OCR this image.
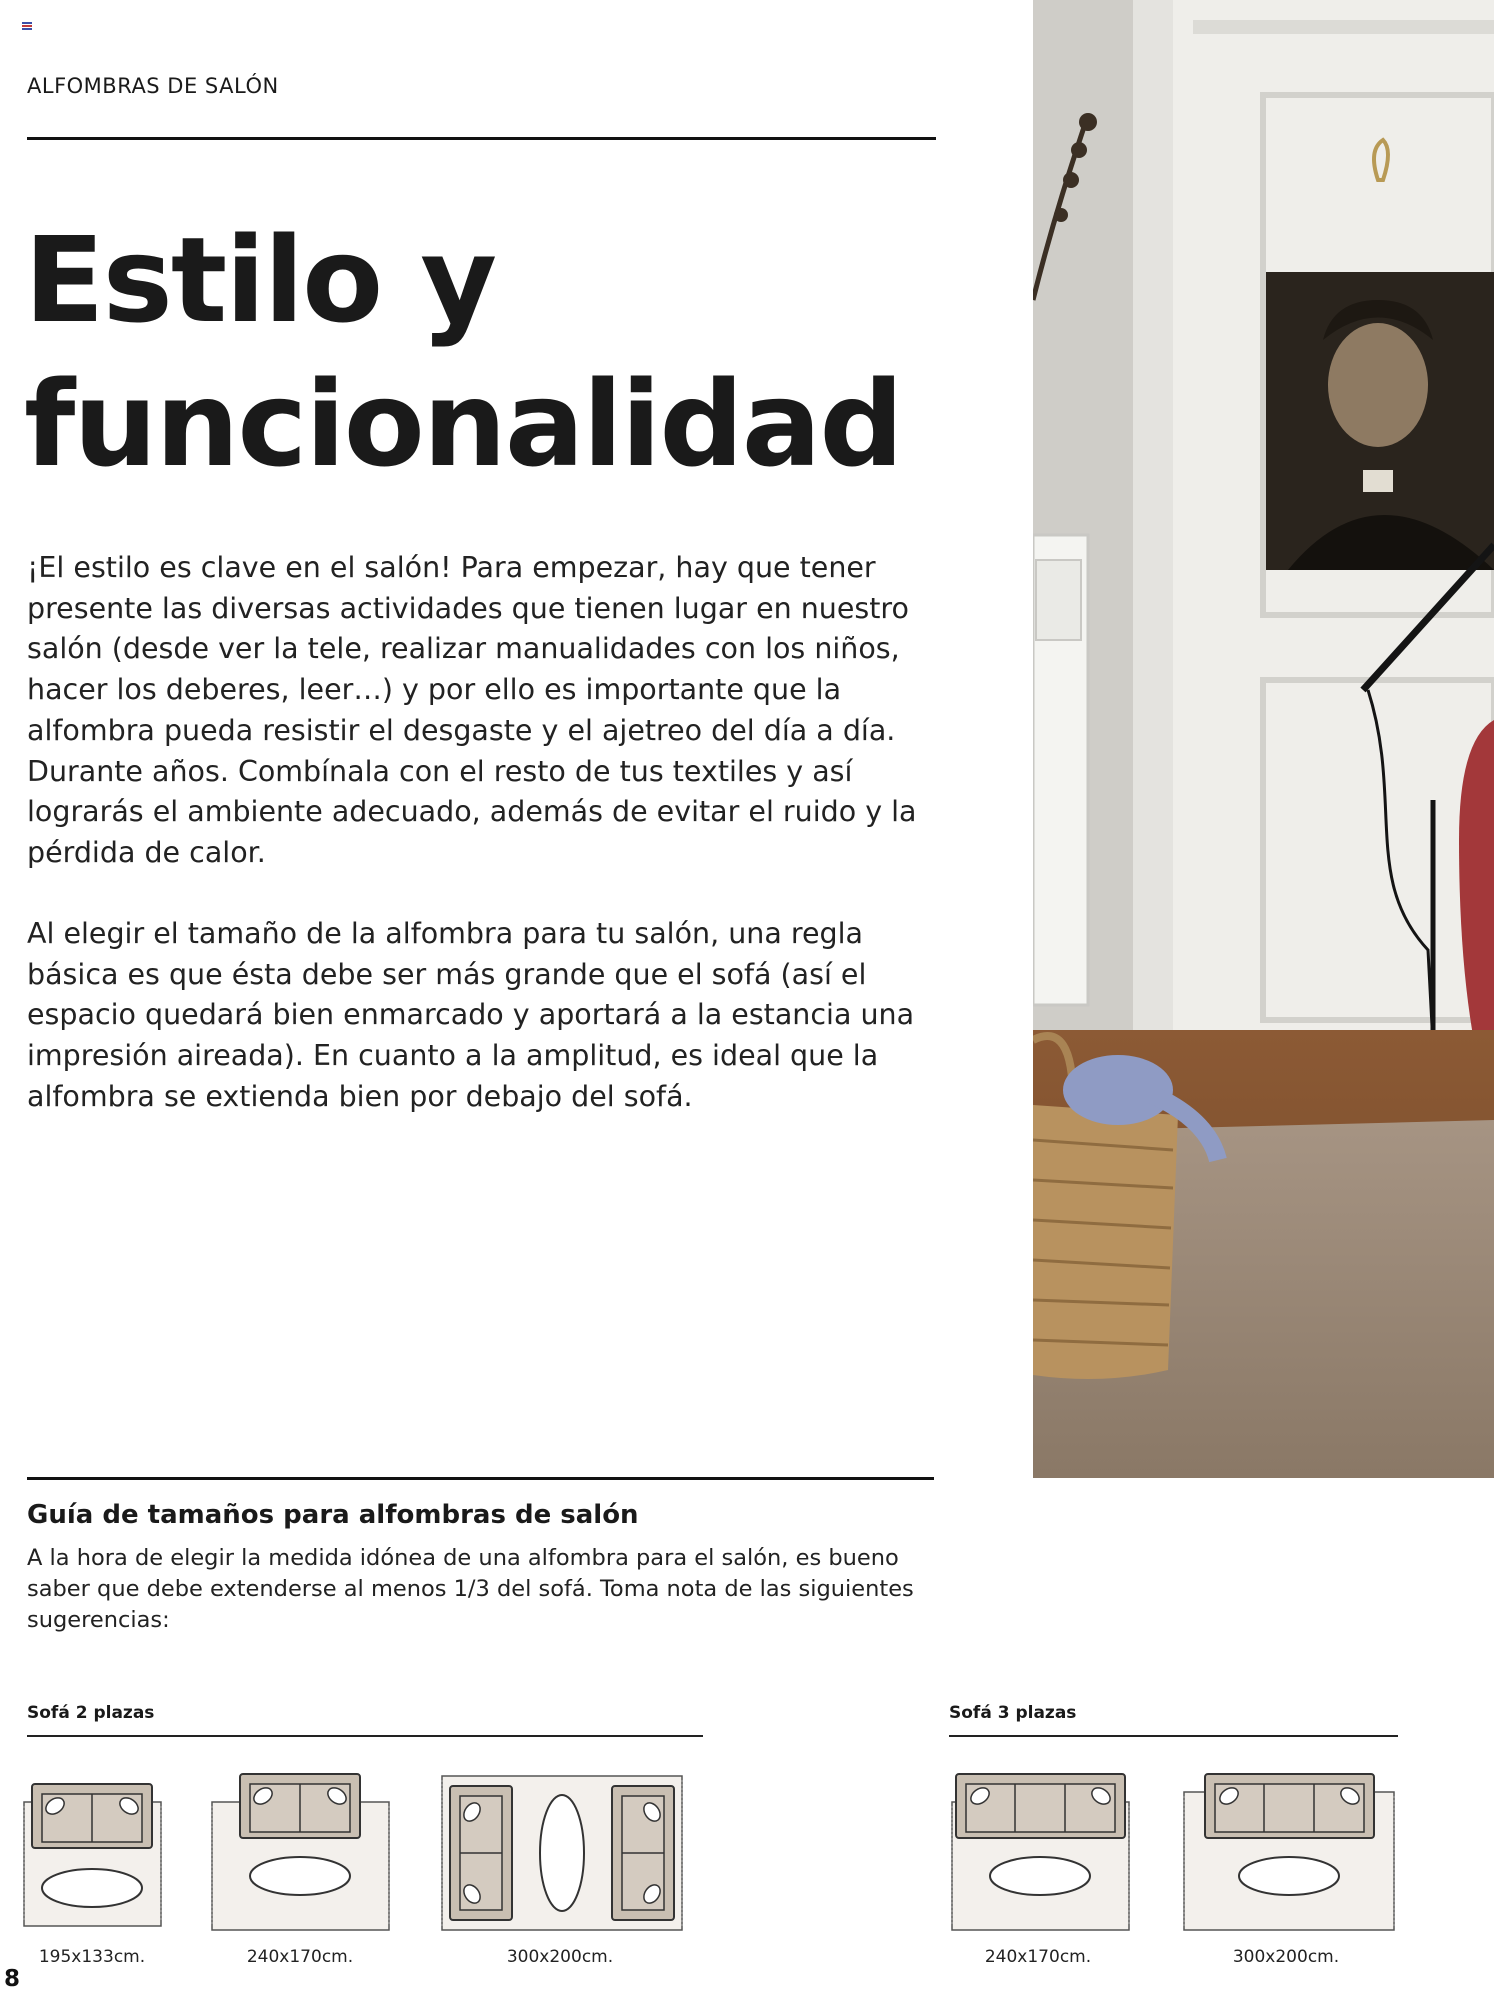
ALFOMBRAS DE SALÓN
Estilo y
funcionalidad
¡El estilo es clave en el salón! Para empezar, hay que tener presente las diversas actividades que tienen lugar en nuestro salón (desde ver la tele, realizar manualidades con los niños, hacer los deberes, leer…) y por ello es importante que la alfombra pueda resistir el desgaste y el ajetreo del día a día. Durante años. Combínala con el resto de tus textiles y así lograrás el ambiente adecuado, además de evitar el ruido y la pérdida de calor.
Al elegir el tamaño de la alfombra para tu salón, una regla básica es que ésta debe ser más grande que el sofá (así el espacio quedará bien enmarcado y aportará a la estancia una impresión aireada). En cuanto a la amplitud, es ideal que la alfombra se extienda bien por debajo del sofá.
Guía de tamaños para alfombras de salón
A la hora de elegir la medida idónea de una alfombra para el salón, es bueno saber que debe extenderse al menos 1/3 del sofá. Toma nota de las siguientes sugerencias:
Sofá 2 plazas	Sofá 3 plazas
195x133cm.	240x170cm.	300x200cm.	240x170cm.	300x200cm.
8
